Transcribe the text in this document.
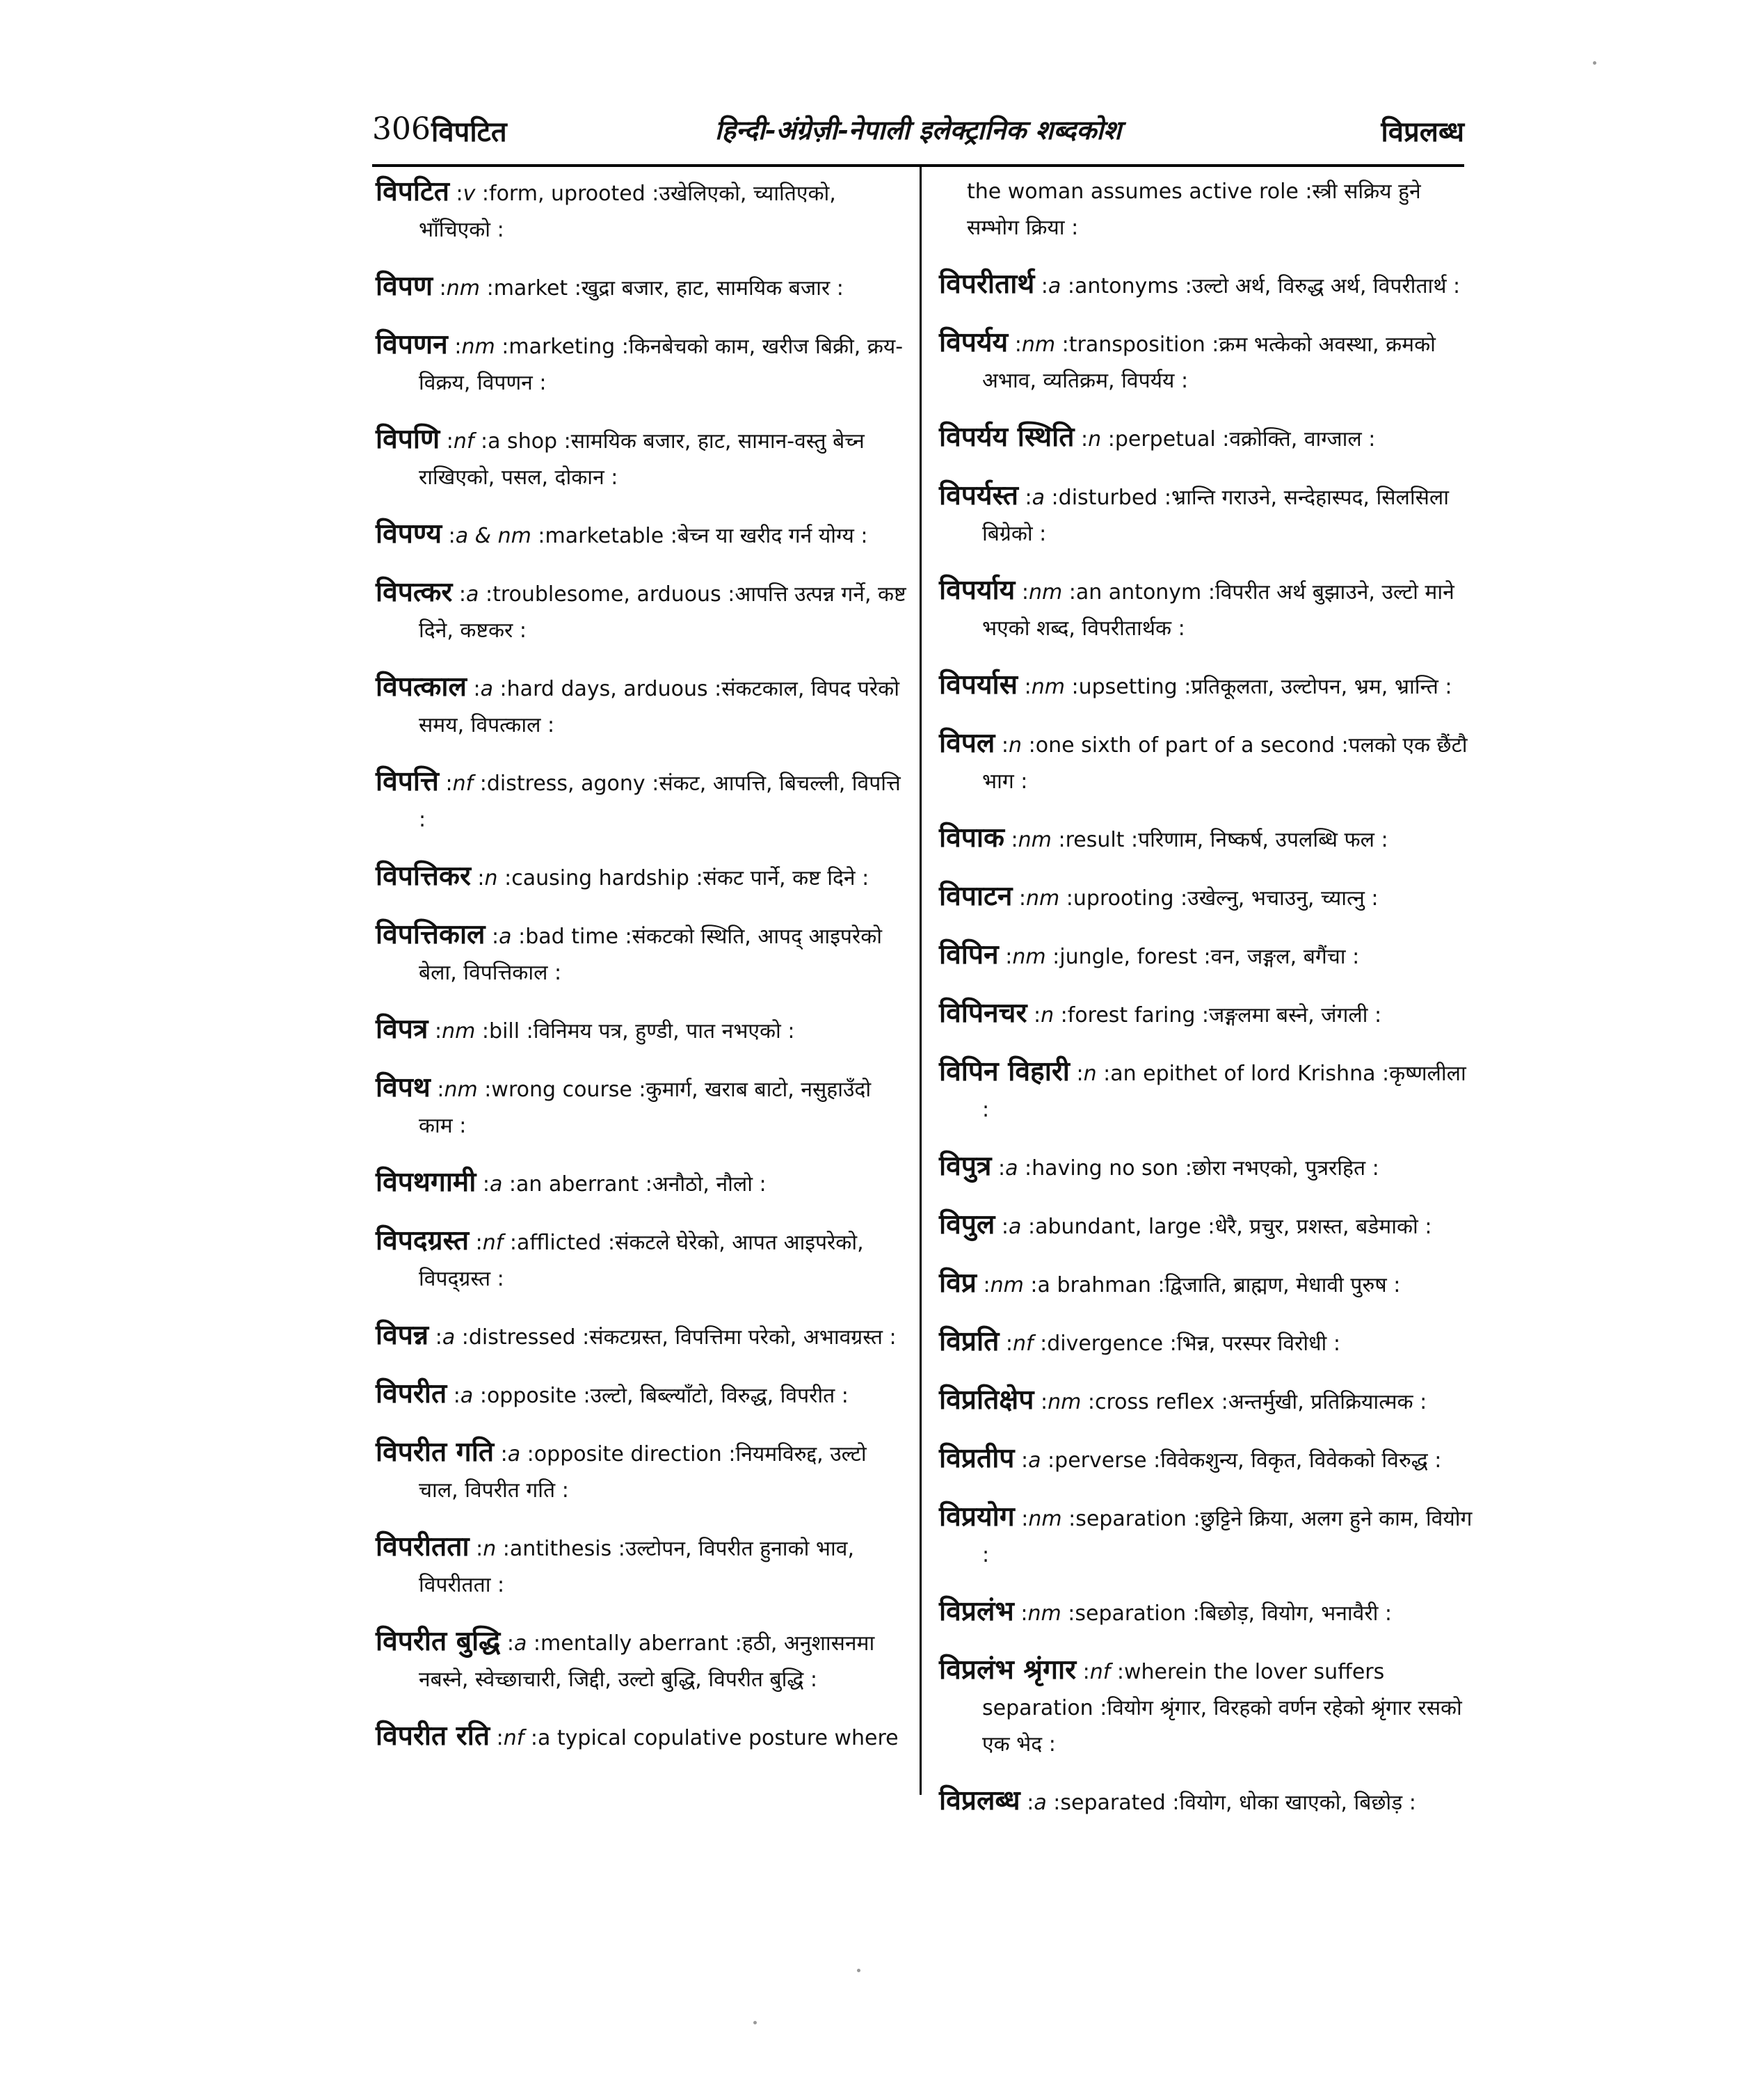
306 विपटित	हिन्दी-अंग्रेज़ी-नेपाली इलेक्ट्रानिक शब्दकोश	विप्रलब्ध
विपटित :v :form, uprooted :उखेलिएको, च्यातिएको, भाँचिएको :
विपण :nm :market :खुद्रा बजार, हाट, सामयिक बजार :
विपणन :nm :marketing :किनबेचको काम, खरीज बिक्री, क्रय-विक्रय, विपणन :
विपणि :nf :a shop :सामयिक बजार, हाट, सामान-वस्तु बेच्न राखिएको, पसल, दोकान :
विपण्य :a & nm :marketable :बेच्न या खरीद गर्न योग्य :
विपत्कर :a :troublesome, arduous :आपत्ति उत्पन्न गर्ने, कष्ट दिने, कष्टकर :
विपत्काल :a :hard days, arduous :संकटकाल, विपद परेको समय, विपत्काल :
विपत्ति :nf :distress, agony :संकट, आपत्ति, बिचल्ली, विपत्ति :
विपत्तिकर :n :causing hardship :संकट पार्ने, कष्ट दिने :
विपत्तिकाल :a :bad time :संकटको स्थिति, आपद् आइपरेको बेला, विपत्तिकाल :
विपत्र :nm :bill :विनिमय पत्र, हुण्डी, पात नभएको :
विपथ :nm :wrong course :कुमार्ग, खराब बाटो, नसुहाउँदो काम :
विपथगामी :a :an aberrant :अनौठो, नौलो :
विपदग्रस्त :nf :afflicted :संकटले घेरेको, आपत आइपरेको, विपद्ग्रस्त :
विपन्न :a :distressed :संकटग्रस्त, विपत्तिमा परेको, अभावग्रस्त :
विपरीत :a :opposite :उल्टो, बिब्ल्याँटो, विरुद्ध, विपरीत :
विपरीत गति :a :opposite direction :नियमविरुद्द, उल्टो चाल, विपरीत गति :
विपरीतता :n :antithesis :उल्टोपन, विपरीत हुनाको भाव, विपरीतता :
विपरीत बुद्धि :a :mentally aberrant :हठी, अनुशासनमा नबस्ने, स्वेच्छाचारी, जिद्दी, उल्टो बुद्धि, विपरीत बुद्धि :
विपरीत रति :nf :a typical copulative posture where
the woman assumes active role :स्त्री सक्रिय हुने सम्भोग क्रिया :
विपरीतार्थ :a :antonyms :उल्टो अर्थ, विरुद्ध अर्थ, विपरीतार्थ :
विपर्यय :nm :transposition :क्रम भत्केको अवस्था, क्रमको अभाव, व्यतिक्रम, विपर्यय :
विपर्यय स्थिति :n :perpetual :वक्रोक्ति, वाग्जाल :
विपर्यस्त :a :disturbed :भ्रान्ति गराउने, सन्देहास्पद, सिलसिला बिग्रेको :
विपर्याय :nm :an antonym :विपरीत अर्थ बुझाउने, उल्टो माने भएको शब्द, विपरीतार्थक :
विपर्यास :nm :upsetting :प्रतिकूलता, उल्टोपन, भ्रम, भ्रान्ति :
विपल :n :one sixth of part of a second :पलको एक छैंटौ भाग :
विपाक :nm :result :परिणाम, निष्कर्ष, उपलब्धि फल :
विपाटन :nm :uprooting :उखेल्नु, भचाउनु, च्यात्नु :
विपिन :nm :jungle, forest :वन, जङ्गल, बगैंचा :
विपिनचर :n :forest faring :जङ्गलमा बस्ने, जंगली :
विपिन विहारी :n :an epithet of lord Krishna :कृष्णलीला :
विपुत्र :a :having no son :छोरा नभएको, पुत्ररहित :
विपुल :a :abundant, large :धेरै, प्रचुर, प्रशस्त, बडेमाको :
विप्र :nm :a brahman :द्विजाति, ब्राह्मण, मेधावी पुरुष :
विप्रति :nf :divergence :भिन्न, परस्पर विरोधी :
विप्रतिक्षेप :nm :cross reflex :अन्तर्मुखी, प्रतिक्रियात्मक :
विप्रतीप :a :perverse :विवेकशुन्य, विकृत, विवेकको विरुद्ध :
विप्रयोग :nm :separation :छुट्टिने क्रिया, अलग हुने काम, वियोग :
विप्रलंभ :nm :separation :बिछोड़, वियोग, भनावैरी :
विप्रलंभ श्रृंगार :nf :wherein the lover suffers separation :वियोग श्रृंगार, विरहको वर्णन रहेको श्रृंगार रसको एक भेद :
विप्रलब्ध :a :separated :वियोग, धोका खाएको, बिछोड़ :
